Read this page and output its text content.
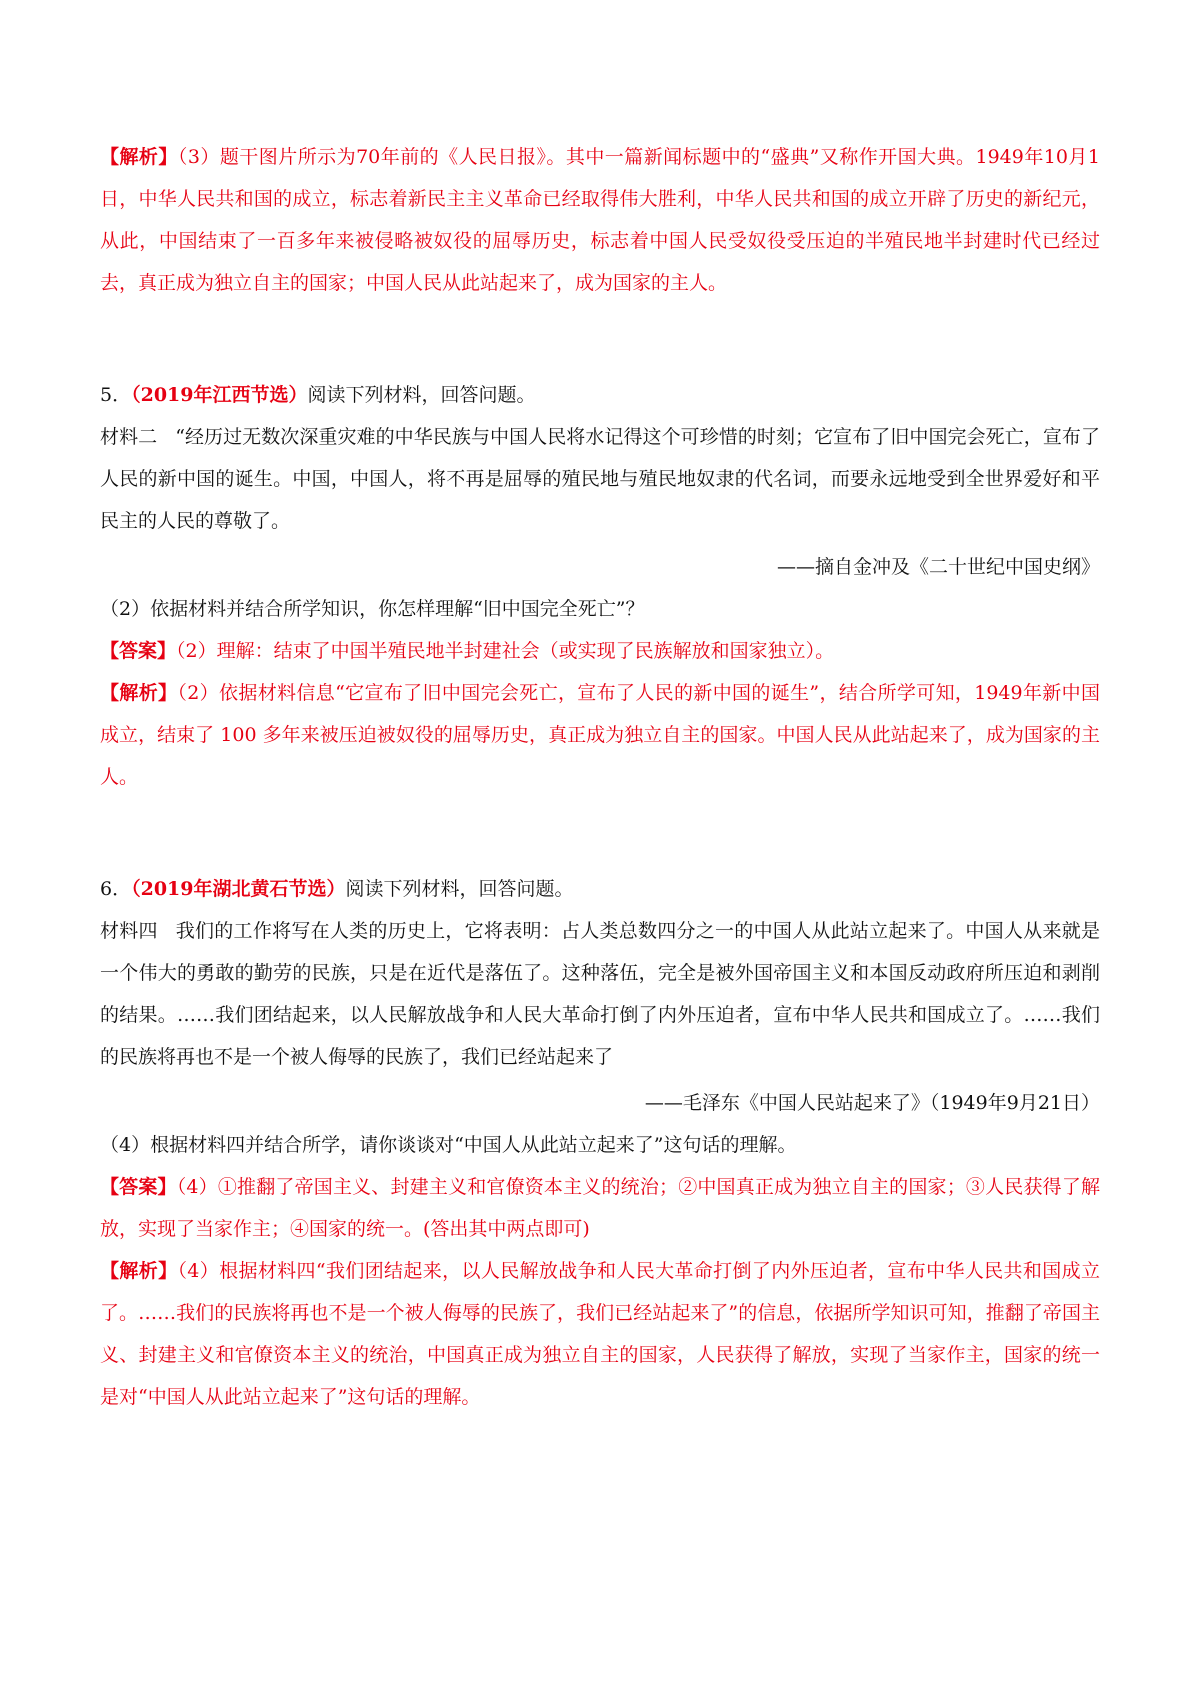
【解析】（3）题干图片所示为70年前的《人民日报》。其中一篇新闻标题中的“盛典”又称作开国大典。1949年10月1日，中华人民共和国的成立，标志着新民主主义革命已经取得伟大胜利，中华人民共和国的成立开辟了历史的新纪元，从此，中国结束了一百多年来被侵略被奴役的屈辱历史，标志着中国人民受奴役受压迫的半殖民地半封建时代已经过去，真正成为独立自主的国家；中国人民从此站起来了，成为国家的主人。

5．（2019年江西节选）阅读下列材料，回答问题。

材料二 “经历过无数次深重灾难的中华民族与中国人民将水记得这个可珍惜的时刻；它宣布了旧中国完会死亡，宣布了人民的新中国的诞生。中国，中国人，将不再是屈辱的殖民地与殖民地奴隶的代名词，而要永远地受到全世界爱好和平民主的人民的尊敬了。

——摘自金冲及《二十世纪中国史纲》

（2）依据材料并结合所学知识，你怎样理解“旧中国完全死亡”？

【答案】（2）理解：结束了中国半殖民地半封建社会（或实现了民族解放和国家独立）。

【解析】（2）依据材料信息“它宣布了旧中国完会死亡，宣布了人民的新中国的诞生”，结合所学可知，1949年新中国成立，结束了 100 多年来被压迫被奴役的屈辱历史，真正成为独立自主的国家。中国人民从此站起来了，成为国家的主人。

6．（2019年湖北黄石节选）阅读下列材料，回答问题。

材料四 我们的工作将写在人类的历史上，它将表明：占人类总数四分之一的中国人从此站立起来了。中国人从来就是一个伟大的勇敢的勤劳的民族，只是在近代是落伍了。这种落伍，完全是被外国帝国主义和本国反动政府所压迫和剥削的结果。……我们团结起来，以人民解放战争和人民大革命打倒了内外压迫者，宣布中华人民共和国成立了。……我们的民族将再也不是一个被人侮辱的民族了，我们已经站起来了

——毛泽东《中国人民站起来了》（1949年9月21日）

（4）根据材料四并结合所学，请你谈谈对“中国人从此站立起来了”这句话的理解。

【答案】（4）①推翻了帝国主义、封建主义和官僚资本主义的统治；②中国真正成为独立自主的国家；③人民获得了解放，实现了当家作主；④国家的统一。(答出其中两点即可)

【解析】（4）根据材料四“我们团结起来，以人民解放战争和人民大革命打倒了内外压迫者，宣布中华人民共和国成立了。……我们的民族将再也不是一个被人侮辱的民族了，我们已经站起来了”的信息，依据所学知识可知，推翻了帝国主义、封建主义和官僚资本主义的统治，中国真正成为独立自主的国家，人民获得了解放，实现了当家作主，国家的统一是对“中国人从此站立起来了”这句话的理解。
